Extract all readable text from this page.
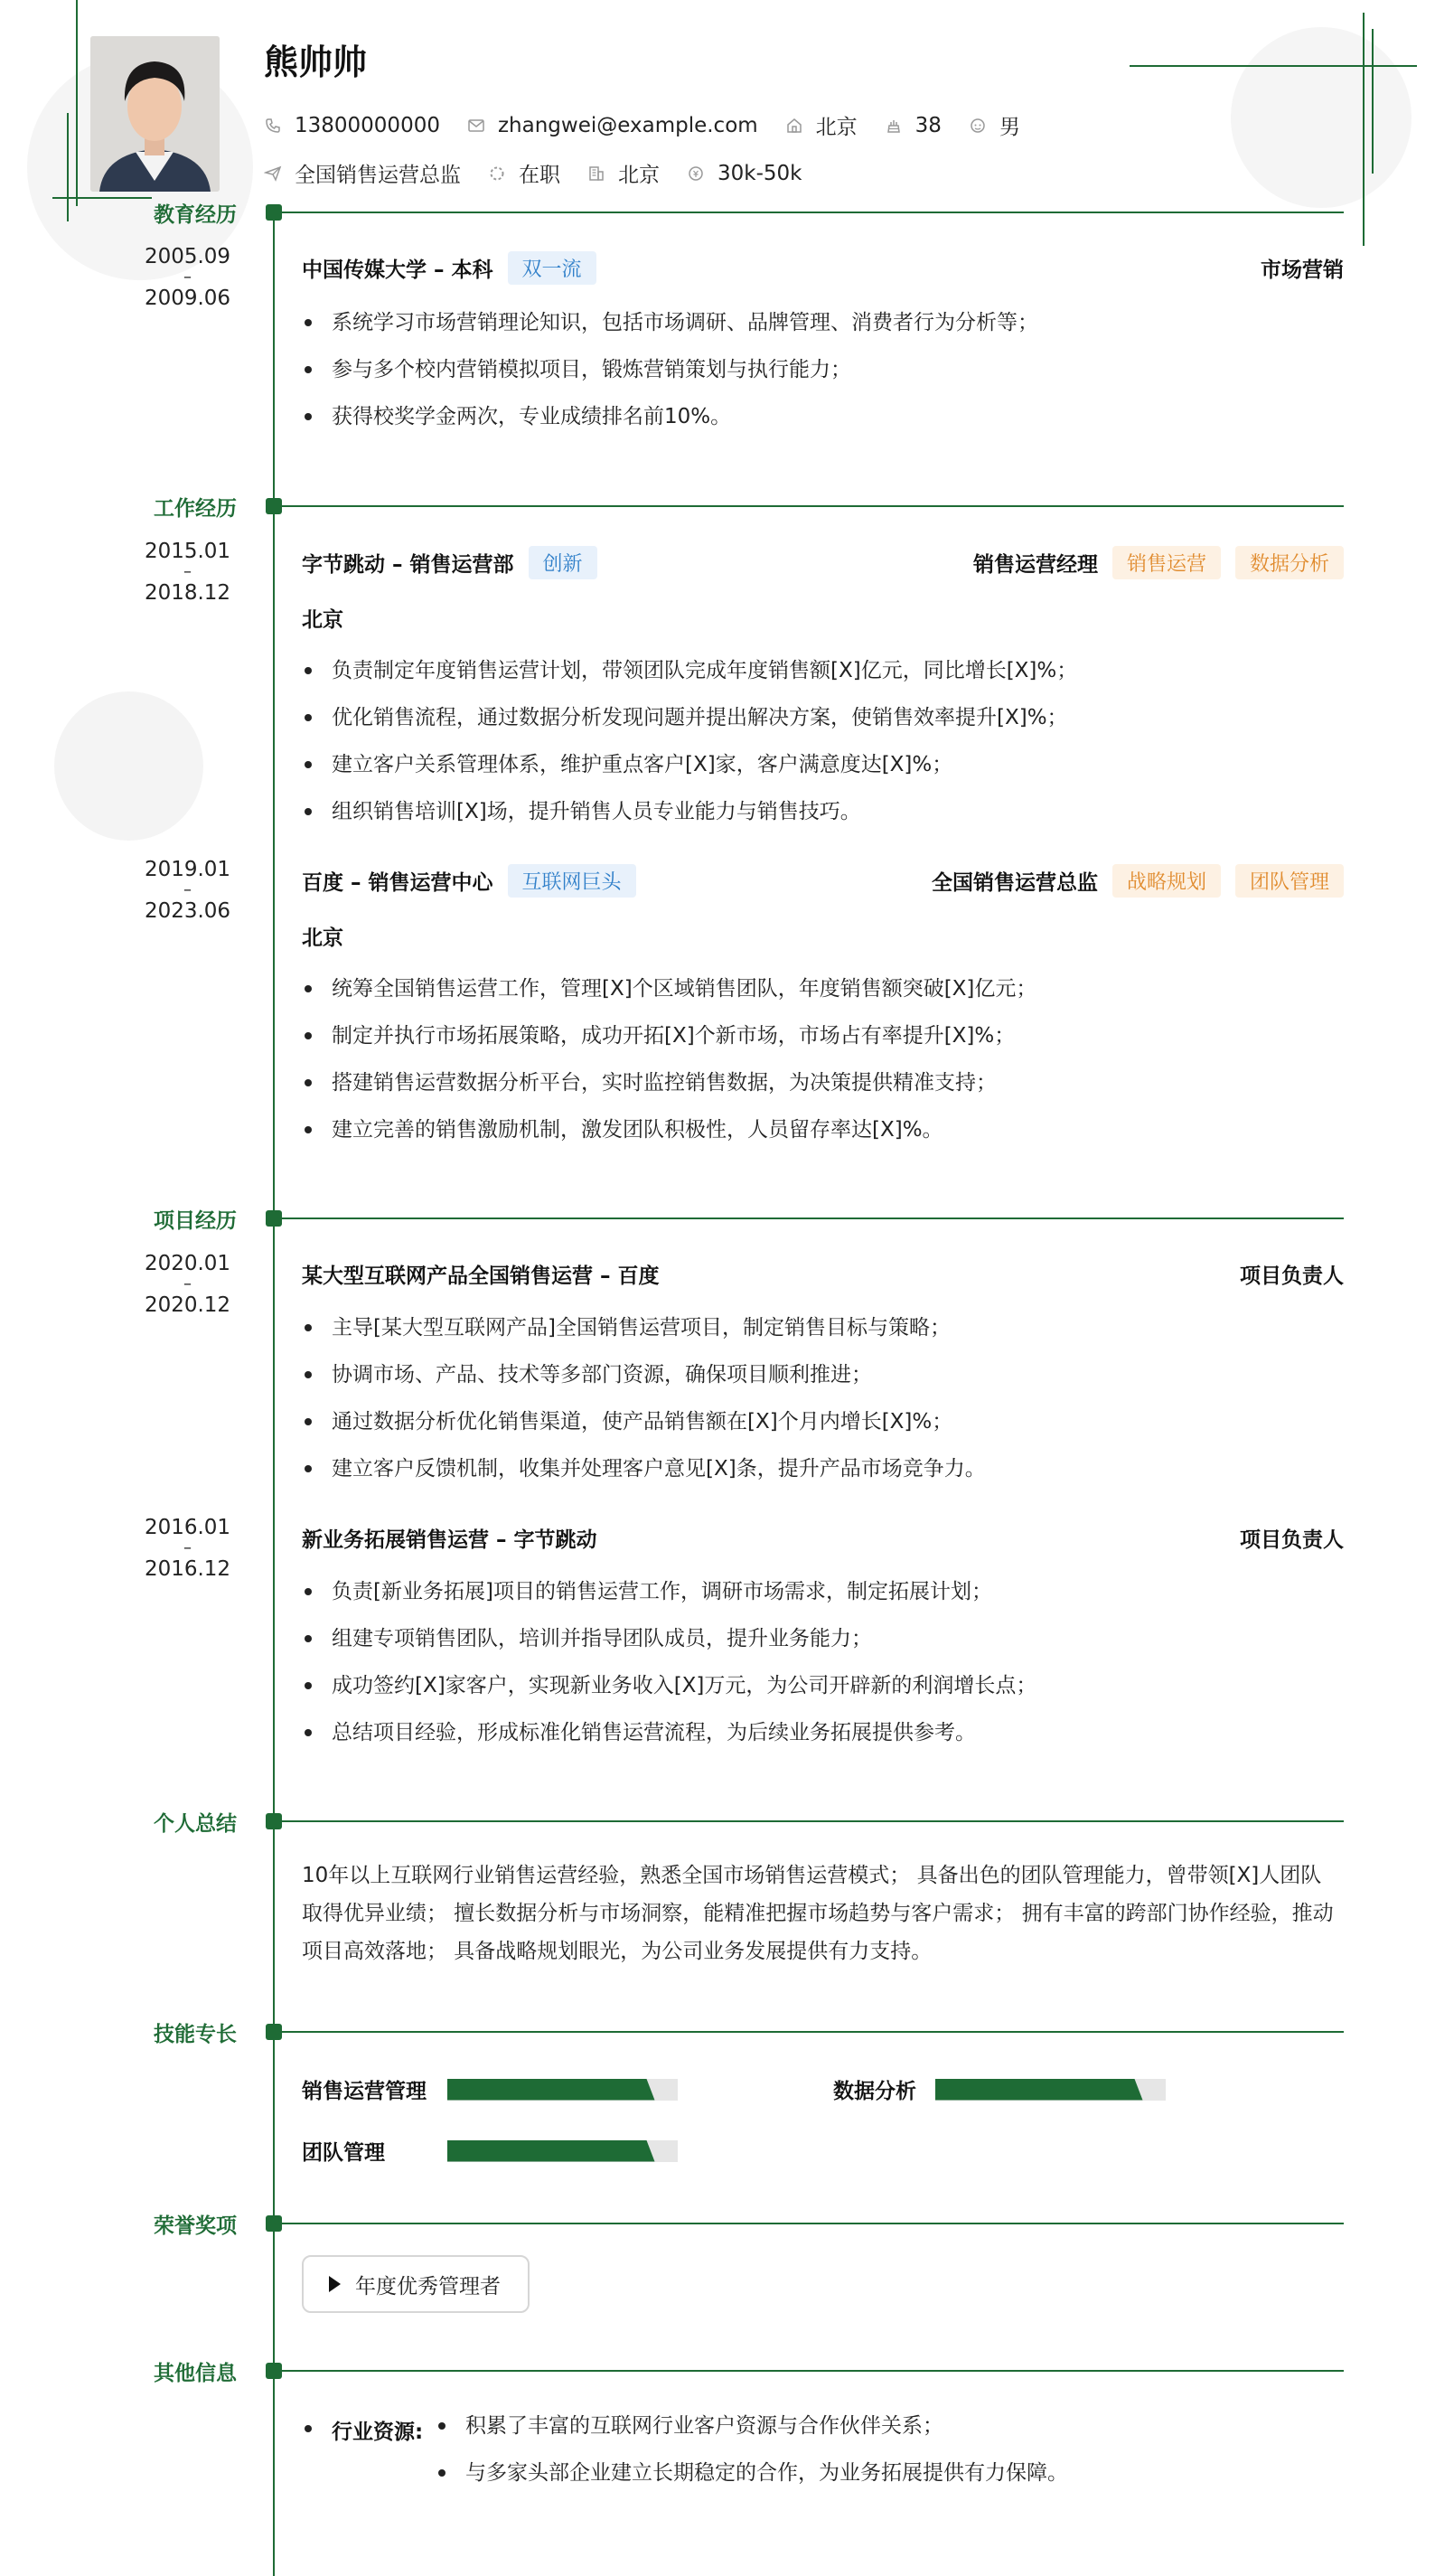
熊帅帅
13800000000	zhangwei@example.com	北京	38	男
全国销售运营总监	在职	北京	30k-50k
教育经历
2005.09
–
2009.06
中国传媒大学 – 本科	双一流	市场营销
系统学习市场营销理论知识，包括市场调研、品牌管理、消费者行为分析等；
参与多个校内营销模拟项目，锻炼营销策划与执行能力；
获得校奖学金两次，专业成绩排名前10%。
工作经历
2015.01
–
2018.12
字节跳动 – 销售运营部	创新	销售运营经理	销售运营	数据分析
北京
负责制定年度销售运营计划，带领团队完成年度销售额[X]亿元，同比增长[X]%；
优化销售流程，通过数据分析发现问题并提出解决方案，使销售效率提升[X]%；
建立客户关系管理体系，维护重点客户[X]家，客户满意度达[X]%；
组织销售培训[X]场，提升销售人员专业能力与销售技巧。
2019.01
–
2023.06
百度 – 销售运营中心	互联网巨头	全国销售运营总监	战略规划	团队管理
北京
统筹全国销售运营工作，管理[X]个区域销售团队，年度销售额突破[X]亿元；
制定并执行市场拓展策略，成功开拓[X]个新市场，市场占有率提升[X]%；
搭建销售运营数据分析平台，实时监控销售数据，为决策提供精准支持；
建立完善的销售激励机制，激发团队积极性，人员留存率达[X]%。
项目经历
2020.01
–
2020.12
某大型互联网产品全国销售运营 – 百度	项目负责人
主导[某大型互联网产品]全国销售运营项目，制定销售目标与策略；
协调市场、产品、技术等多部门资源，确保项目顺利推进；
通过数据分析优化销售渠道，使产品销售额在[X]个月内增长[X]%；
建立客户反馈机制，收集并处理客户意见[X]条，提升产品市场竞争力。
2016.01
–
2016.12
新业务拓展销售运营 – 字节跳动	项目负责人
负责[新业务拓展]项目的销售运营工作，调研市场需求，制定拓展计划；
组建专项销售团队，培训并指导团队成员，提升业务能力；
成功签约[X]家客户，实现新业务收入[X]万元，为公司开辟新的利润增长点；
总结项目经验，形成标准化销售运营流程，为后续业务拓展提供参考。
个人总结
10年以上互联网行业销售运营经验，熟悉全国市场销售运营模式； 具备出色的团队管理能力，曾带领[X]人团队取得优异业绩； 擅长数据分析与市场洞察，能精准把握市场趋势与客户需求； 拥有丰富的跨部门协作经验，推动项目高效落地； 具备战略规划眼光，为公司业务发展提供有力支持。
技能专长
销售运营管理	数据分析
团队管理
荣誉奖项
年度优秀管理者
其他信息
行业资源:	积累了丰富的互联网行业客户资源与合作伙伴关系；
与多家头部企业建立长期稳定的合作，为业务拓展提供有力保障。
